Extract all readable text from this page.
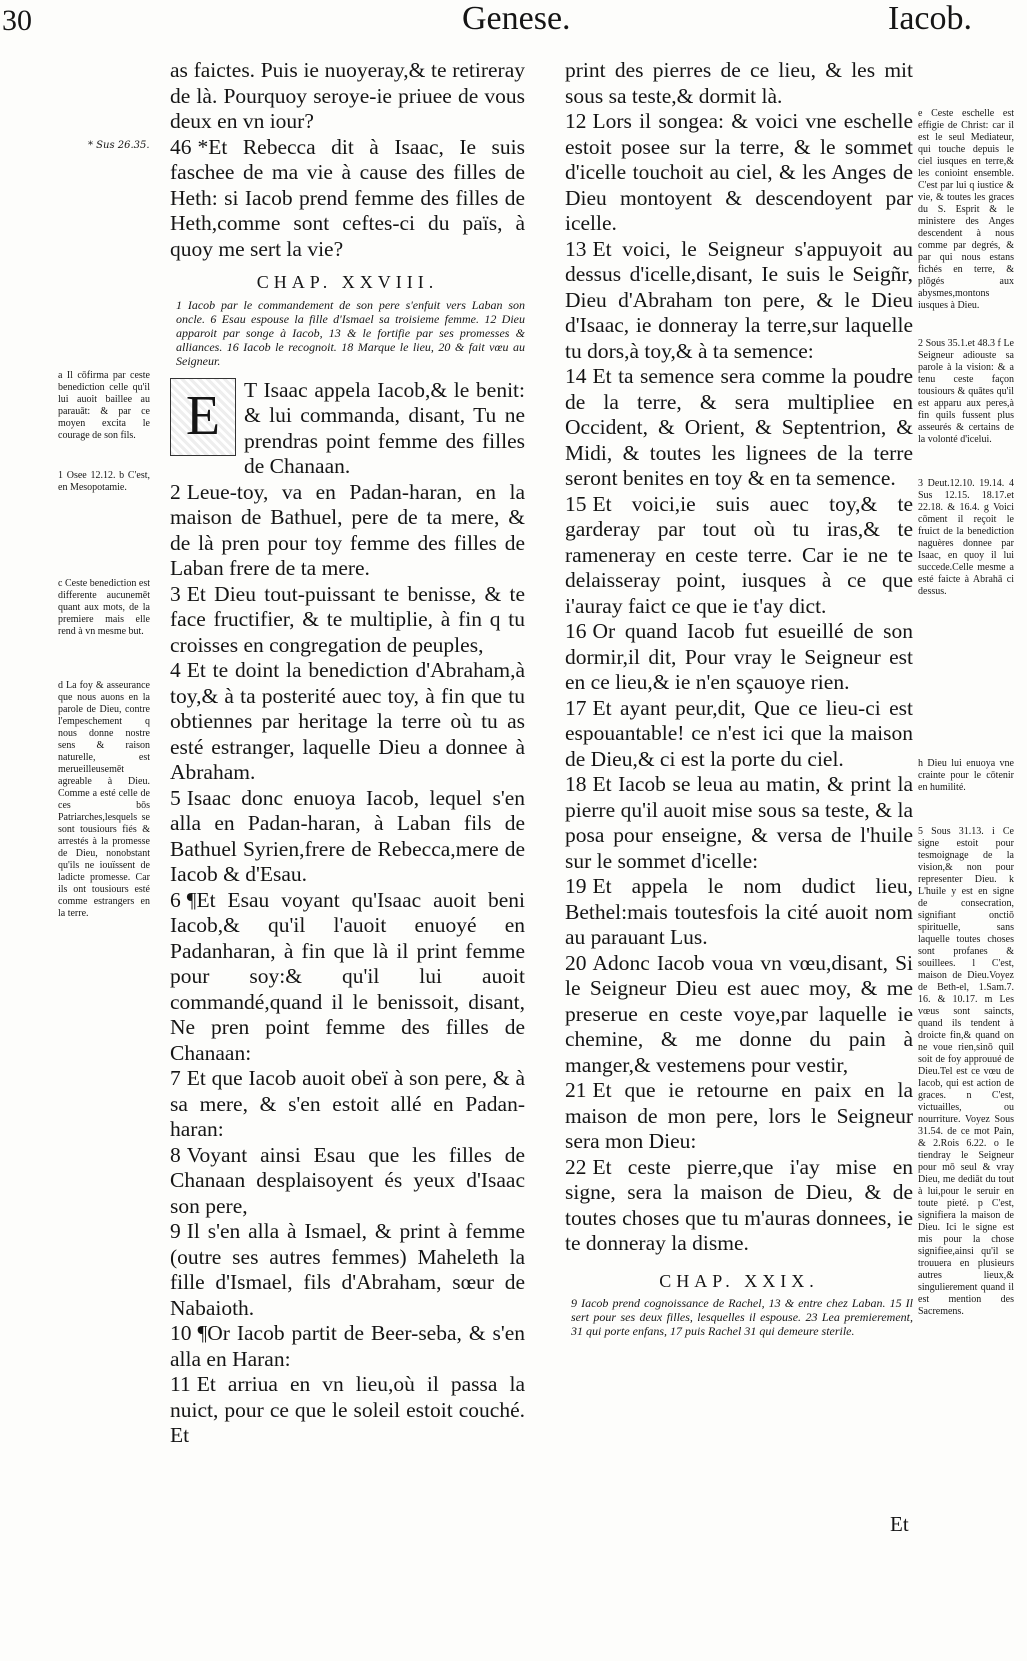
30	Genese.	Iacob.
* Sus 26.35.

as faictes. Puis ie nuoyeray,& te retireray de là. Pourquoy seroye-ie priuee de vous deux en vn iour?

46 *Et Rebecca dit à Isaac, Ie suis fascheе de ma vie à cause des filles de Heth: si Iacob prend femme des filles de Heth,comme sont ceftes-ci du païs, à quoy me sert la vie?

CHAP. XXVIII.
1 Iacob par le commandement de son pere s'enfuit vers Laban son oncle. 6 Esau espouse la fille d'Ismael sa troisieme femme. 12 Dieu apparoit par songe à Iacob, 13 & le fortifie par ses promesses & alliances. 16 Iacob le recognoit. 18 Marque le lieu, 20 & fait vœu au Seigneur.
E	T Isaac appela Iacob,& le benit: & lui commanda, disant, Tu ne prendras point femme des filles de Chanaan.

2 Leue-toy, va en Padan-haran, en la maison de Bathuel, pere de ta mere, & de là pren pour toy femme des filles de Laban frere de ta mere.

3 Et Dieu tout-puissant te benisse, & te face fructifier, & te multiplie, à fin q tu croisses en congregation de peuples,

4 Et te doint la benediction d'Abraham,à toy,& à ta posterité auec toy, à fin que tu obtiennes par heritage la terre où tu as esté estranger, laquelle Dieu a donnee à Abraham.

5 Isaac donc enuoya Iacob, lequel s'en alla en Padan-haran, à Laban fils de Bathuel Syrien,frere de Rebecca,mere de Iacob & d'Esau.

6 ¶Et Esau voyant qu'Isaac auoit beni Iacob,& qu'il l'auoit enuoyé en Padanharan, à fin que là il print femme pour soy:& qu'il lui auoit commandé,quand il le benissoit, disant, Ne pren point femme des filles de Chanaan:

7 Et que Iacob auoit obeï à son pere, & à sa mere, & s'en estoit allé en Padan-haran:

8 Voyant ainsi Esau que les filles de Chanaan desplaisoyent és yeux d'Isaac son pere,

9 Il s'en alla à Ismael, & print à femme (outre ses autres femmes) Maheleth la fille d'Ismael, fils d'Abraham, sœur de Nabaioth.

10 ¶Or Iacob partit de Beer-seba, & s'en alla en Haran:

11 Et arriua en vn lieu,où il passa la nuict, pour ce que le soleil estoit couché. Et

print des pierres de ce lieu, & les mit sous sa teste,& dormit là.

12 Lors il songea: & voici vne eschelle estoit posee sur la terre, & le sommet d'icelle touchoit au ciel, & les Anges de Dieu montoyent & descendoyent par icelle.

13 Et voici, le Seigneur s'appuyoit au dessus d'icelle,disant, Ie suis le Seigñr, Dieu d'Abraham ton pere, & le Dieu d'Isaac, ie donneray la terre,sur laquelle tu dors,à toy,& à ta semence:

14 Et ta semence sera comme la poudre de la terre, & sera multipliee en Occident, & Orient, & Septentrion, & Midi, & toutes les lignees de la terre seront benites en toy & en ta semence.

15 Et voici,ie suis auec toy,& te garderay par tout où tu iras,& te rameneray en ceste terre. Car ie ne te delaisseray point, iusques à ce que i'auray faict ce que ie t'ay dict.

16 Or quand Iacob fut esueillé de son dormir,il dit, Pour vray le Seigneur est en ce lieu,& ie n'en sçauoye rien.

17 Et ayant peur,dit, Que ce lieu-ci est espouantable! ce n'est ici que la maison de Dieu,& ci est la porte du ciel.

18 Et Iacob se leua au matin, & print la pierre qu'il auoit mise sous sa teste, & la posa pour enseigne, & versa de l'huile sur le sommet d'icelle:

19 Et appela le nom dudict lieu, Bethel:mais toutesfois la cité auoit nom au parauant Lus.

20 Adonc Iacob voua vn vœu,disant, Si le Seigneur Dieu est auec moy, & me preserue en ceste voye,par laquelle ie chemine, & me donne du pain à manger,& vestemens pour vestir,

21 Et que ie retourne en paix en la maison de mon pere, lors le Seigneur sera mon Dieu:

22 Et ceste pierre,que i'ay mise en signe, sera la maison de Dieu, & de toutes choses que tu m'auras donnees, ie te donneray la disme.

CHAP. XXIX.
9 Iacob prend cognoissance de Rachel, 13 & entre chez Laban. 15 Il sert pour ses deux filles, lesquelles il espouse. 23 Lea premierement, 31 qui porte enfans, 17 puis Rachel 31 qui demeure sterile.
a Il cōfirma par ceste benediction celle qu'il lui auoit baillee au parauāt: & par ce moyen excita le courage de son fils.
1 Osee 12.12. b C'est, en Mesopotamie.
c Ceste benediction est differente aucunemēt quant aux mots, de la premiere mais elle rend à vn mesme but.
d La foy & asseurance que nous auons en la parole de Dieu, contre l'empeschement q nous donne nostre sens & raison naturelle, est merueilleusemēt agreable à Dieu. Comme a esté celle de ces bōs Patriarches,lesquels se sont tousiours fiés & arrestés à la promesse de Dieu, nonobstant qu'ils ne iouïssent de ladicte promesse. Car ils ont tousiours esté comme estrangers en la terre.
e Ceste eschelle est effigie de Christ: car il est le seul Mediateur, qui touche depuis le ciel iusques en terre,& les conioint ensemble. C'est par lui q iustice & vie, & toutes les graces du S. Esprit & le ministere des Anges descendent à nous comme par degrés, & par qui nous estans fichés en terre, & plōgés aux abysmes,montons iusques à Dieu.
2 Sous 35.1.et 48.3 f Le Seigneur adiouste sa parole à la vision: & a tenu ceste façon tousiours & quātes qu'il est apparu aux peres,à fin quils fussent plus asseurés & certains de la volonté d'icelui.
3 Deut.12.10. 19.14. 4 Sus 12.15. 18.17.et 22.18. & 16.4. g Voici cōment il reçoit le fruict de la benediction naguères donnee par Isaac, en quoy il lui succede.Celle mesme a esté faicte à Abrahā ci dessus.
h Dieu lui enuoya vne crainte pour le cōtenir en humilité.
5 Sous 31.13. i Ce signe estoit pour tesmoignage de la vision,& non pour representer Dieu. k L'huile y est en signe de consecration, signifiant onctiō spirituelle, sans laquelle toutes choses sont profanes & souillees. l C'est, maison de Dieu.Voyez de Beth-el, 1.Sam.7. 16. & 10.17. m Les vœus sont saincts, quand ils tendent à droicte fin,& quand on ne voue rien,sinō quil soit de foy approuué de Dieu.Tel est ce vœu de Iacob, qui est action de graces. n C'est, victuailles, ou nourriture. Voyez Sous 31.54. de ce mot Pain, & 2.Rois 6.22. o Ie tiendray le Seigneur pour mō seul & vray Dieu, me dediāt du tout à lui,pour le seruir en toute pieté. p C'est, signifiera la maison de Dieu. Ici le signe est mis pour la chose signifiee,ainsi qu'il se trouuera en plusieurs autres lieux,& singulierement quand il est mention des Sacremens.
Et
